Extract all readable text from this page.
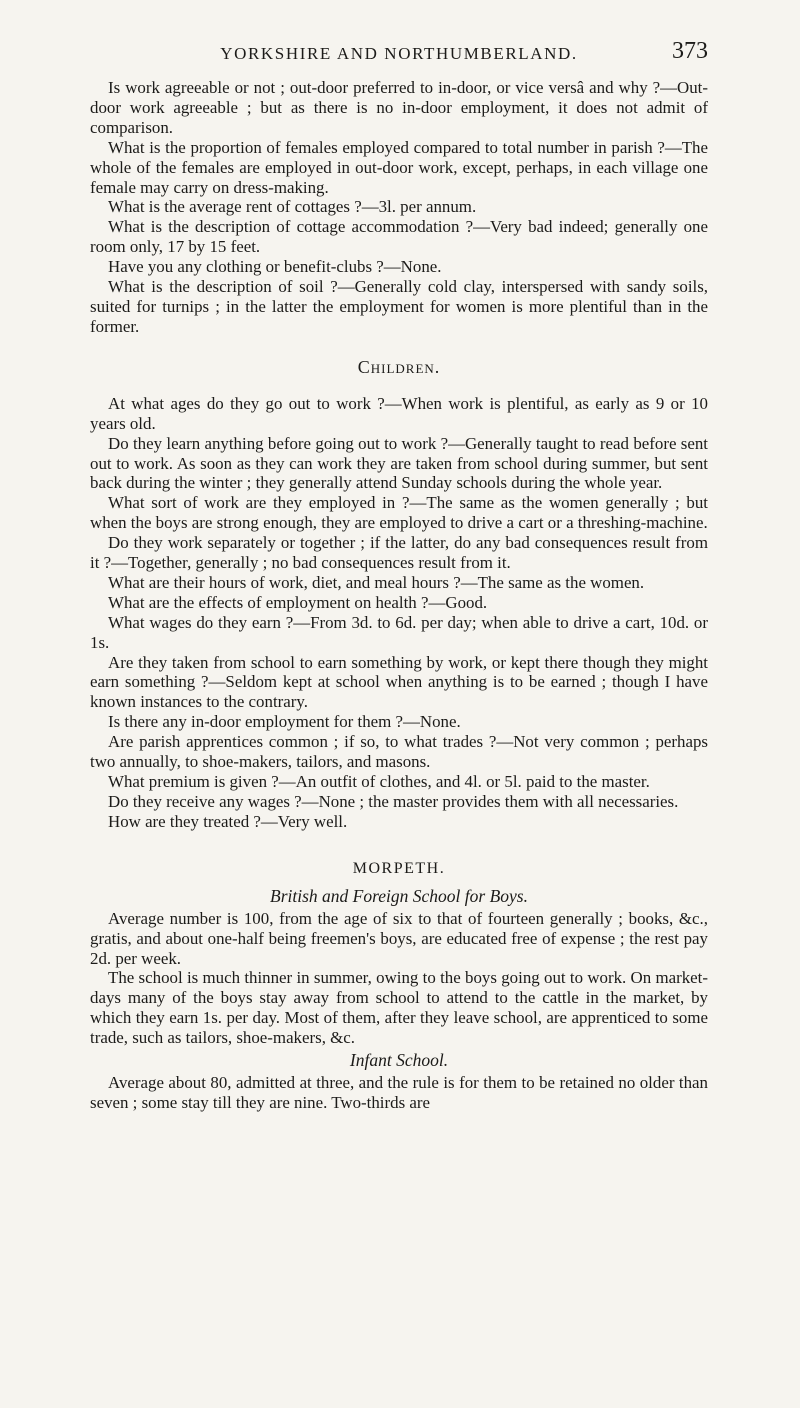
YORKSHIRE AND NORTHUMBERLAND.	373

Is work agreeable or not ; out-door preferred to in-door, or vice versâ and why ?—Out-door work agreeable ; but as there is no in-door employment, it does not admit of comparison.

What is the proportion of females employed compared to total number in parish ?—The whole of the females are employed in out-door work, except, perhaps, in each village one female may carry on dress-making.

What is the average rent of cottages ?—3l. per annum.

What is the description of cottage accommodation ?—Very bad indeed; generally one room only, 17 by 15 feet.

Have you any clothing or benefit-clubs ?—None.

What is the description of soil ?—Generally cold clay, interspersed with sandy soils, suited for turnips ; in the latter the employment for women is more plentiful than in the former.

Children.

At what ages do they go out to work ?—When work is plentiful, as early as 9 or 10 years old.

Do they learn anything before going out to work ?—Generally taught to read before sent out to work. As soon as they can work they are taken from school during summer, but sent back during the winter ; they generally attend Sunday schools during the whole year.

What sort of work are they employed in ?—The same as the women generally ; but when the boys are strong enough, they are employed to drive a cart or a threshing-machine.

Do they work separately or together ; if the latter, do any bad consequences result from it ?—Together, generally ; no bad consequences result from it.

What are their hours of work, diet, and meal hours ?—The same as the women.

What are the effects of employment on health ?—Good.

What wages do they earn ?—From 3d. to 6d. per day; when able to drive a cart, 10d. or 1s.

Are they taken from school to earn something by work, or kept there though they might earn something ?—Seldom kept at school when anything is to be earned ; though I have known instances to the contrary.

Is there any in-door employment for them ?—None.

Are parish apprentices common ; if so, to what trades ?—Not very common ; perhaps two annually, to shoe-makers, tailors, and masons.

What premium is given ?—An outfit of clothes, and 4l. or 5l. paid to the master.

Do they receive any wages ?—None ; the master provides them with all necessaries.

How are they treated ?—Very well.

MORPETH.
British and Foreign School for Boys.

Average number is 100, from the age of six to that of fourteen generally ; books, &c., gratis, and about one-half being freemen's boys, are educated free of expense ; the rest pay 2d. per week.

The school is much thinner in summer, owing to the boys going out to work. On market-days many of the boys stay away from school to attend to the cattle in the market, by which they earn 1s. per day. Most of them, after they leave school, are apprenticed to some trade, such as tailors, shoe-makers, &c.

Infant School.

Average about 80, admitted at three, and the rule is for them to be retained no older than seven ; some stay till they are nine. Two-thirds are
